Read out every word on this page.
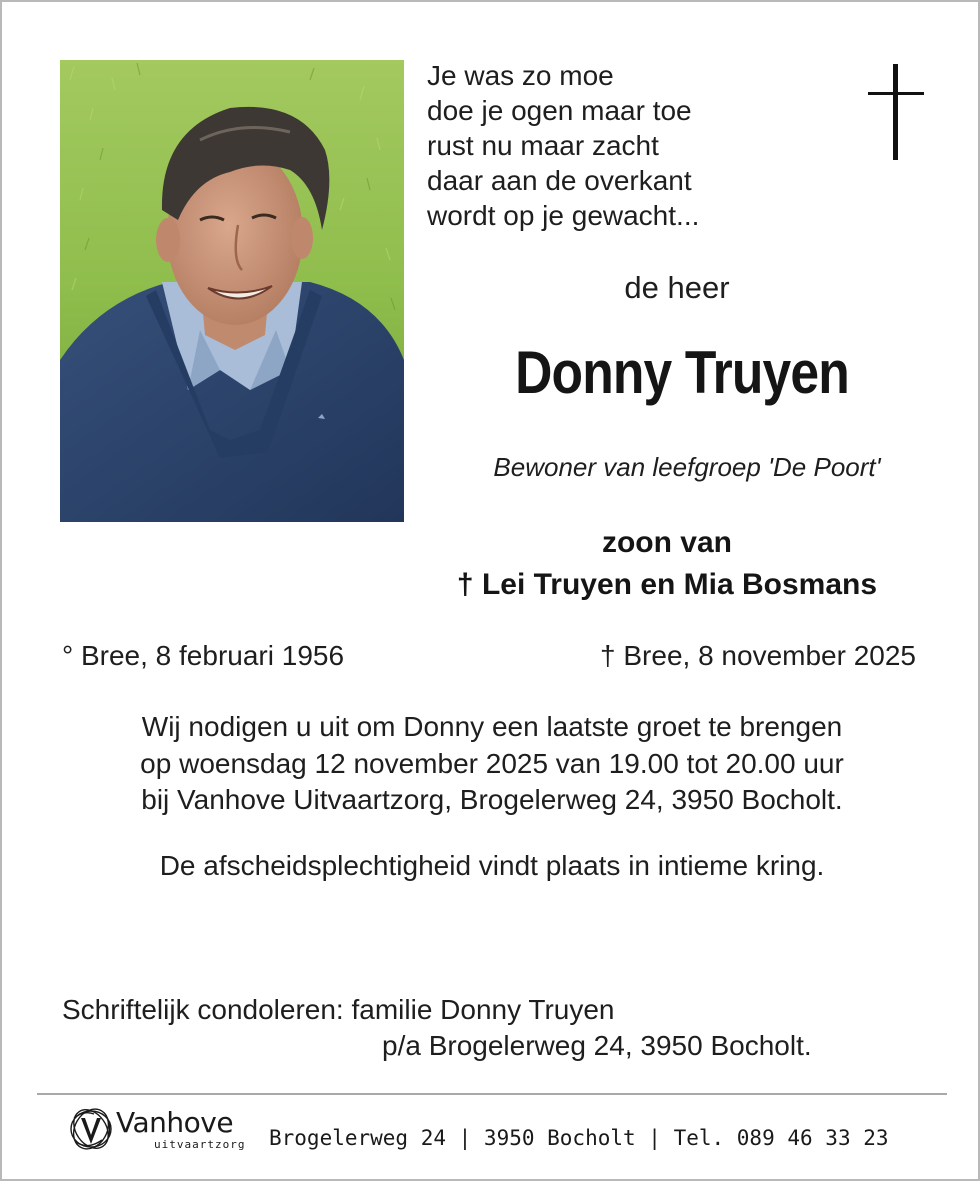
Je was zo moe
doe je ogen maar toe
rust nu maar zacht
daar aan de overkant
wordt op je gewacht...
de heer
Donny Truyen
Bewoner van leefgroep 'De Poort'
zoon van
† Lei Truyen en Mia Bosmans
° Bree, 8 februari 1956	† Bree, 8 november 2025
Wij nodigen u uit om Donny een laatste groet te brengen
op woensdag 12 november 2025 van 19.00 tot 20.00 uur
bij Vanhove Uitvaartzorg, Brogelerweg 24, 3950 Bocholt.
De afscheidsplechtigheid vindt plaats in intieme kring.
Schriftelijk condoleren: familie Donny Truyen
p/a Brogelerweg 24, 3950 Bocholt.
Vanhove
uitvaartzorg Brogelerweg 24 | 3950 Bocholt | Tel. 089 46 33 23
